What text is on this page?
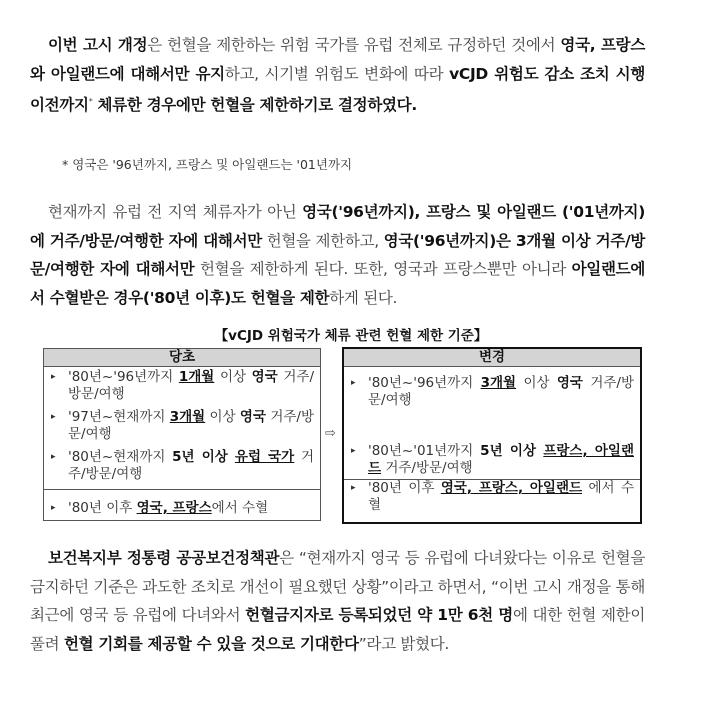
이번 고시 개정은 헌혈을 제한하는 위험 국가를 유럽 전체로 규정하던 것에서 영국, 프랑스와 아일랜드에 대해서만 유지하고, 시기별 위험도 변화에 따라 vCJD 위험도 감소 조치 시행 이전까지* 체류한 경우에만 헌혈을 제한하기로 결정하였다.
* 영국은 '96년까지, 프랑스 및 아일랜드는 '01년까지
현재까지 유럽 전 지역 체류자가 아닌 영국('96년까지), 프랑스 및 아일랜드 ('01년까지)에 거주/방문/여행한 자에 대해서만 헌혈을 제한하고, 영국('96년까지)은 3개월 이상 거주/방문/여행한 자에 대해서만 헌혈을 제한하게 된다. 또한, 영국과 프랑스뿐만 아니라 아일랜드에서 수혈받은 경우('80년 이후)도 헌혈을 제한하게 된다.
【vCJD 위험국가 체류 관련 헌혈 제한 기준】
당초
▸ '80년~'96년까지 1개월 이상 영국 거주/방문/여행
▸ '97년~현재까지 3개월 이상 영국 거주/방문/여행
▸ '80년~현재까지 5년 이상 유럽 국가 거주/방문/여행
▸ '80년 이후 영국, 프랑스에서 수혈
⇨
변경
▸ '80년~'96년까지 3개월 이상 영국 거주/방문/여행
▸ '80년~'01년까지 5년 이상 프랑스, 아일랜드 거주/방문/여행
▸ '80년 이후 영국, 프랑스, 아일랜드 에서 수혈
보건복지부 정통령 공공보건정책관은 “현재까지 영국 등 유럽에 다녀왔다는 이유로 헌혈을 금지하던 기준은 과도한 조치로 개선이 필요했던 상황”이라고 하면서, “이번 고시 개정을 통해 최근에 영국 등 유럽에 다녀와서 헌혈금지자로 등록되었던 약 1만 6천 명에 대한 헌혈 제한이 풀려 헌혈 기회를 제공할 수 있을 것으로 기대한다”라고 밝혔다.
